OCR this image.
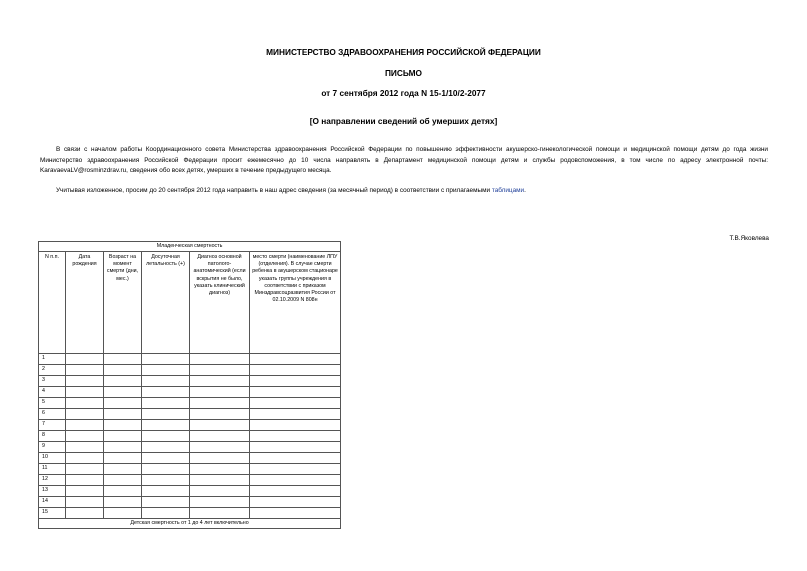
МИНИСТЕРСТВО ЗДРАВООХРАНЕНИЯ РОССИЙСКОЙ ФЕДЕРАЦИИ
ПИСЬМО
от 7 сентября 2012 года N 15-1/10/2-2077
[О направлении сведений об умерших детях]
В связи с началом работы Координационного совета Министерства здравоохранения Российской Федерации по повышению эффективности акушерско-гинекологической помощи и медицинской помощи детям до года жизни Министерство здравоохранения Российской Федерации просит ежемесячно до 10 числа направлять в Департамент медицинской помощи детям и службы родовспоможения, в том числе по адресу электронной почты: KaravaevaLV@rosminzdrav.ru, сведения обо всех детях, умерших в течение предыдущего месяца.
Учитывая изложенное, просим до 20 сентября 2012 года направить в наш адрес сведения (за месячный период) в соответствии с прилагаемыми таблицами.
Т.В.Яковлева
Младенческая смертность					
N п.п.	Дата рождения	Возраст на момент смерти (дни, мес.)	Досуточная летальность (+)	Диагноз основной патолого-анатомический (если вскрытия не было, указать клинический диагноз)	место смерти (наименование ЛПУ (отделения). В случае смерти ребенка в акушерском стационаре указать группы учреждения в соответствии с приказом Минздравсоцразвития России от 02.10.2009 N 808н
1					
2					
3					
4					
5					
6					
7					
8					
9					
10					
11					
12					
13					
14					
15					
Детская смертность от 1 до 4 лет включительно					
